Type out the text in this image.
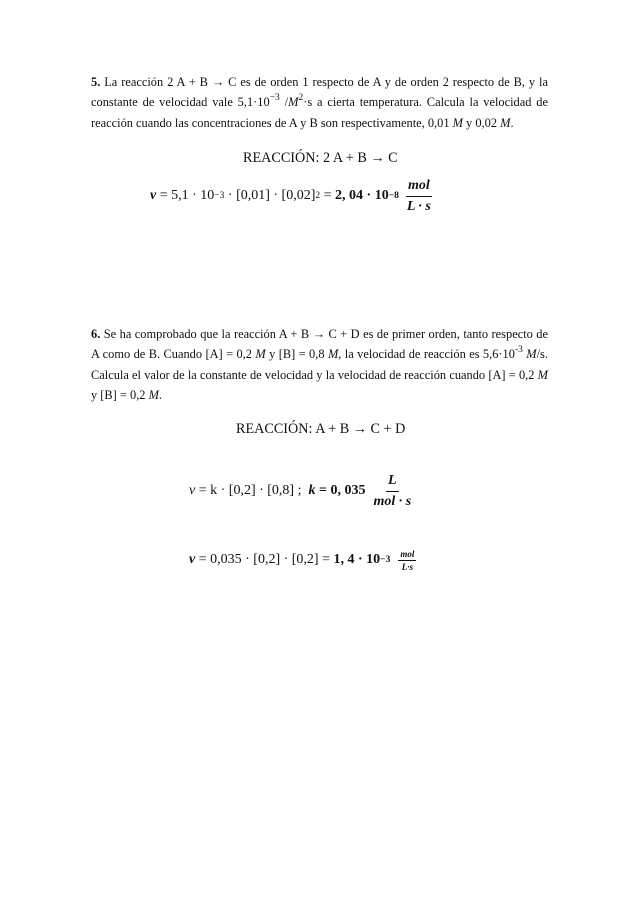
5. La reacción 2 A + B → C es de orden 1 respecto de A y de orden 2 respecto de B, y la constante de velocidad vale $5,1\cdot 10^{-3}$ $/M^2\cdot s$ a cierta temperatura. Calcula la velocidad de reacción cuando las concentraciones de A y B son respectivamente, 0,01 M y 0,02 M.
REACCIÓN: 2 A + B → C
v = 5,1 · 10 −3 · [0,01] · [0,02] 2 = 2, $04 \cdot 10 -8 \frac{\text{mol}}{L \cdot s}$
6. Se ha comprobado que la reacción A + B → C + D es de primer orden, tanto respecto de A como de B. Cuando [A] = 0,2 M y [B] = 0,8 M, la velocidad de reacción es $5,6\cdot 10^{-3}$ M/s. Calcula el valor de la constante de velocidad y la velocidad de reacción cuando [A] = 0,2 M y [B] = 0,2 M.
REACCIÓN: A + B → C + D
v = k · [0,2] · [0,8] ; k = 0, $035 \frac{L}{\text{mol · s}}$
v = 0,035 · [0,2] · [0,2] = 1, $4 \cdot 10 -3 \frac{\text{mol}}{L\cdot s}$
